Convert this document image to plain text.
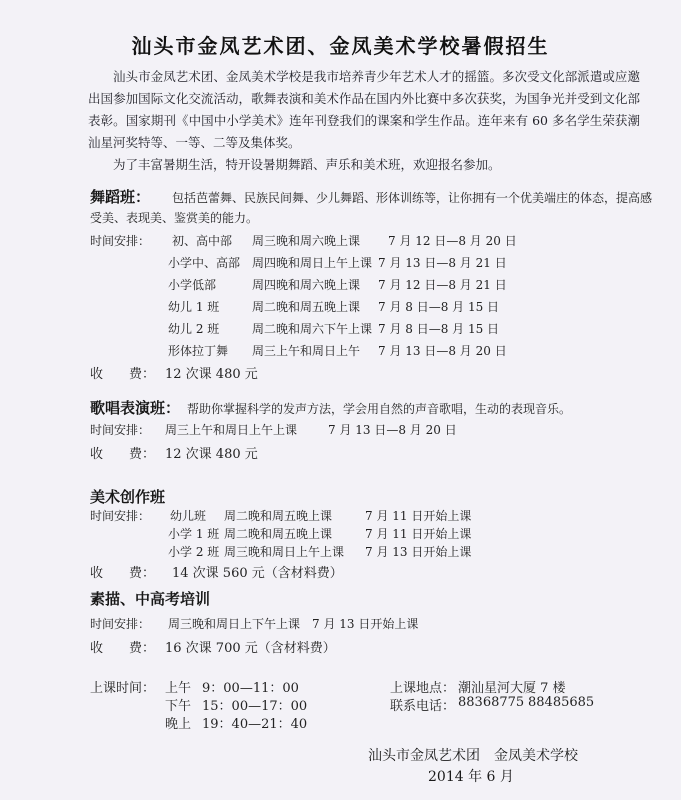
汕头市金凤艺术团、金凤美术学校暑假招生
汕头市金凤艺术团、金凤美术学校是我市培养青少年艺术人才的摇篮。多次受文化部派遣或应邀出国参加国际文化交流活动，歌舞表演和美术作品在国内外比赛中多次获奖，为国争光并受到文化部表彰。国家期刊《中国中小学美术》连年刊登我们的课案和学生作品。连年来有 60 多名学生荣获潮汕星河奖特等、一等、二等及集体奖。
为了丰富暑期生活，特开设暑期舞蹈、声乐和美术班，欢迎报名参加。
舞蹈班： 包括芭蕾舞、民族民间舞、少儿舞蹈、形体训练等，让你拥有一个优美端庄的体态，提高感
受美、表现美、鉴赏美的能力。
时间安排： 初、高中部 周三晚和周六晚上课 7 月 12 日—8 月 20 日
小学中、高部 周四晚和周日上午上课 7 月 13 日—8 月 21 日
小学低部	周四晚和周六晚上课 7 月 12 日—8 月 21 日
幼儿 1 班	周二晚和周五晚上课 7 月 8 日—8 月 15 日
幼儿 2 班	周二晚和周六下午上课 7 月 8 日—8 月 15 日
形体拉丁舞 周三上午和周日上午 7 月 13 日—8 月 20 日
收　　费： 12 次课 480 元
歌唱表演班： 帮助你掌握科学的发声方法，学会用自然的声音歌唱，生动的表现音乐。
时间安排： 周三上午和周日上午上课	7 月 13 日—8 月 20 日
收　　费： 12 次课 480 元
美术创作班
时间安排： 幼儿班 周二晚和周五晚上课	7 月 11 日开始上课
小学 1 班 周二晚和周五晚上课	7 月 11 日开始上课
小学 2 班 周三晚和周日上午上课 7 月 13 日开始上课
收　　费： 14 次课 560 元（含材料费）
素描、中高考培训
时间安排： 周三晚和周日上下午上课 7 月 13 日开始上课
收　　费： 16 次课 700 元（含材料费）
上课时间： 上午 9：00—11：00
下午 15：00—17：00
晚上 19：40—21：40
上课地点： 潮汕星河大厦 7 楼
联系电话： 88368775 88485685
汕头市金凤艺术团　金凤美术学校
2014 年 6 月
